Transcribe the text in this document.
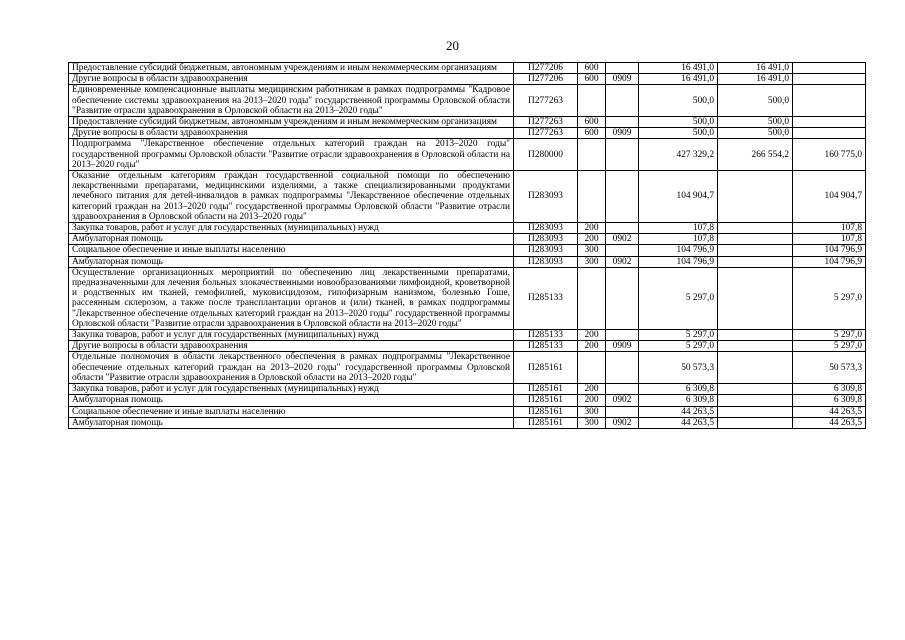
20
Предоставление субсидий бюджетным, автономным учреждениям и иным некоммерческим организациям	П277206	600		16 491,0	16 491,0	
Другие вопросы в области здравоохранения	П277206	600	0909	16 491,0	16 491,0	
Единовременные компенсационные выплаты медицинским работникам в рамках подпрограммы "Кадровое обеспечение системы здравоохранения на 2013–2020 годы" государственной программы Орловской области "Развитие отрасли здравоохранения в Орловской области на 2013–2020 годы"	П277263			500,0	500,0	
Предоставление субсидий бюджетным, автономным учреждениям и иным некоммерческим организациям	П277263	600		500,0	500,0	
Другие вопросы в области здравоохранения	П277263	600	0909	500,0	500,0	
Подпрограмма "Лекарственное обеспечение отдельных категорий граждан на 2013–2020 годы" государственной программы Орловской области "Развитие отрасли здравоохранения в Орловской области на 2013–2020 годы"	П280000			427 329,2	266 554,2	160 775,0
Оказание отдельным категориям граждан государственной социальной помощи по обеспечению лекарственными препаратами, медицинскими изделиями, а также специализированными продуктами лечебного питания для детей-инвалидов в рамках подпрограммы "Лекарственное обеспечение отдельных категорий граждан на 2013–2020 годы" государственной программы Орловской области "Развитие отрасли здравоохранения в Орловской области на 2013–2020 годы"	П283093			104 904,7		104 904,7
Закупка товаров, работ и услуг для государственных (муниципальных) нужд	П283093	200		107,8		107,8
Амбулаторная помощь	П283093	200	0902	107,8		107,8
Социальное обеспечение и иные выплаты населению	П283093	300		104 796,9		104 796,9
Амбулаторная помощь	П283093	300	0902	104 796,9		104 796,9
Осуществление организационных мероприятий по обеспечению лиц лекарственными препаратами, предназначенными для лечения больных злокачественными новообразованиями лимфоидной, кроветворной и родственных им тканей, гемофилией, муковисцидозом, гипофизарным нанизмом, болезнью Гоше, рассеянным склерозом, а также после трансплантации органов и (или) тканей, в рамках подпрограммы "Лекарственное обеспечение отдельных категорий граждан на 2013–2020 годы" государственной программы Орловской области "Развитие отрасли здравоохранения в Орловской области на 2013–2020 годы"	П285133			5 297,0		5 297,0
Закупка товаров, работ и услуг для государственных (муниципальных) нужд	П285133	200		5 297,0		5 297,0
Другие вопросы в области здравоохранения	П285133	200	0909	5 297,0		5 297,0
Отдельные полномочия в области лекарственного обеспечения в рамках подпрограммы "Лекарственное обеспечение отдельных категорий граждан на 2013–2020 годы" государственной программы Орловской области "Развитие отрасли здравоохранения в Орловской области на 2013–2020 годы"	П285161			50 573,3		50 573,3
Закупка товаров, работ и услуг для государственных (муниципальных) нужд	П285161	200		6 309,8		6 309,8
Амбулаторная помощь	П285161	200	0902	6 309,8		6 309,8
Социальное обеспечение и иные выплаты населению	П285161	300		44 263,5		44 263,5
Амбулаторная помощь	П285161	300	0902	44 263,5		44 263,5
